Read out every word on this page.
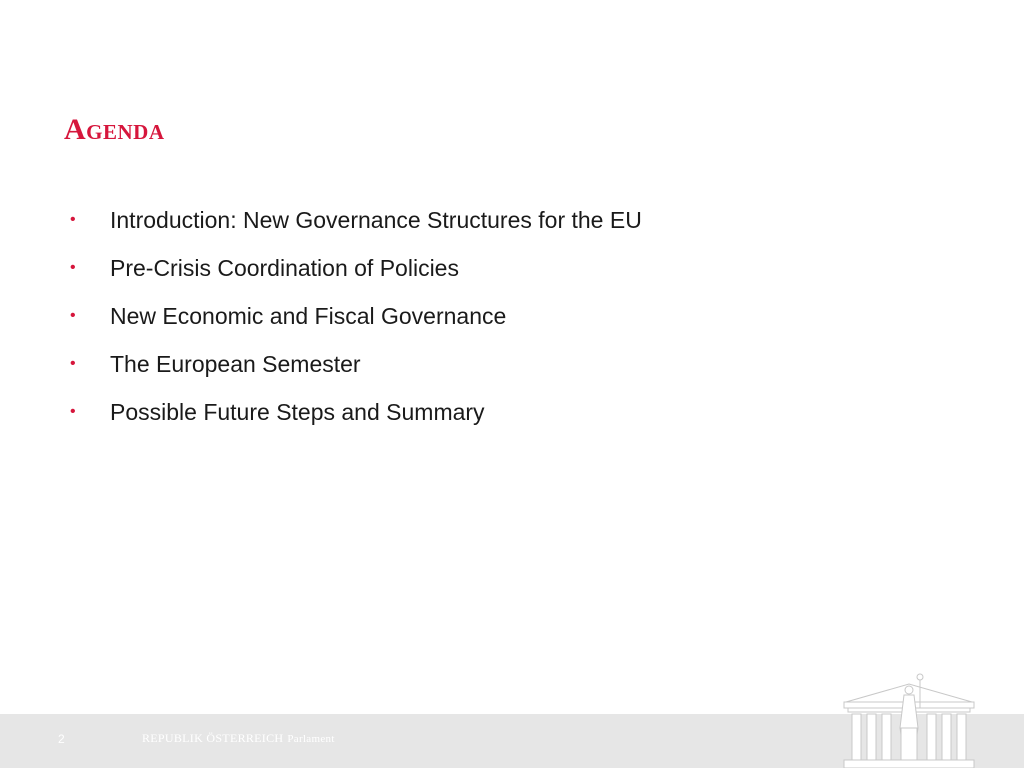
Agenda
•	Introduction: New Governance Structures for the EU
•	Pre-Crisis Coordination of Policies
•	New Economic and Fiscal Governance
•	The European Semester
•	Possible Future Steps and Summary
2	REPUBLIK ÖSTERREICH Parlament
